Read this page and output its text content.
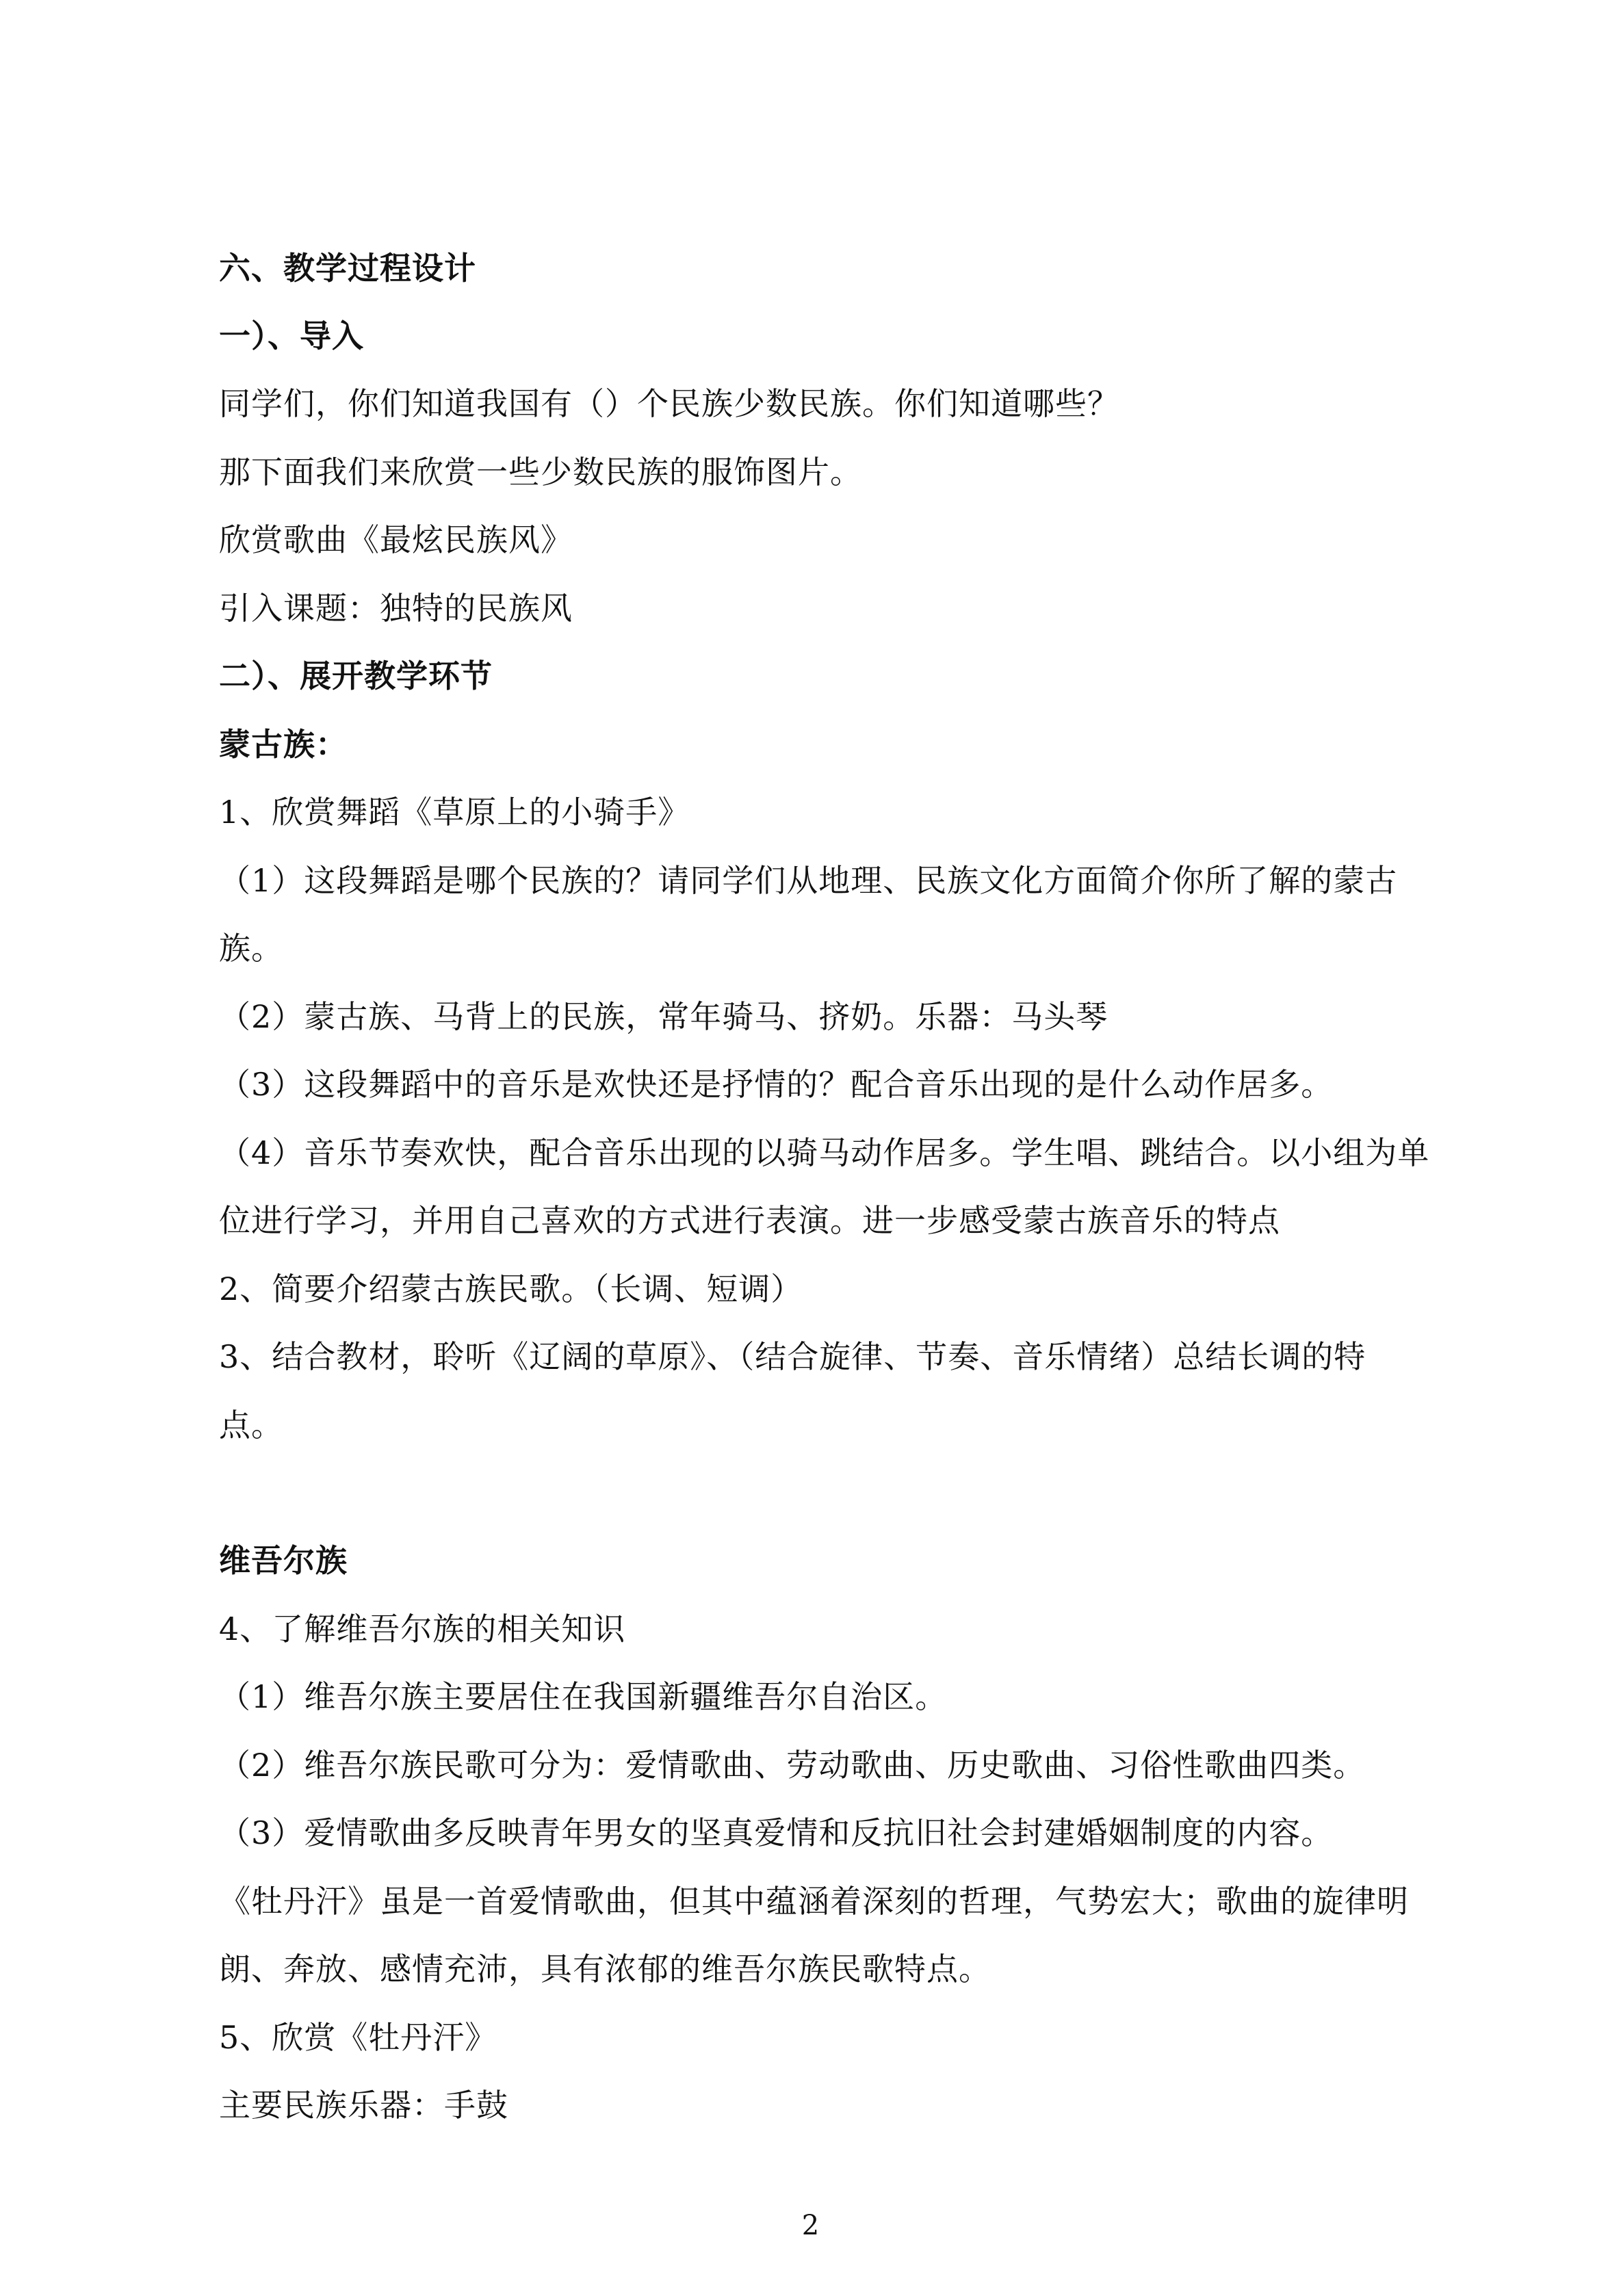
六、教学过程设计
一）、导入
同学们，你们知道我国有（）个民族少数民族。你们知道哪些？
那下面我们来欣赏一些少数民族的服饰图片。
欣赏歌曲《最炫民族风》
引入课题：独特的民族风
二）、展开教学环节
蒙古族：
1、欣赏舞蹈《草原上的小骑手》
（1）这段舞蹈是哪个民族的？请同学们从地理、民族文化方面简介你所了解的蒙古
族。
（2）蒙古族、马背上的民族，常年骑马、挤奶。乐器：马头琴
（3）这段舞蹈中的音乐是欢快还是抒情的？配合音乐出现的是什么动作居多。
（4）音乐节奏欢快，配合音乐出现的以骑马动作居多。学生唱、跳结合。以小组为单
位进行学习，并用自己喜欢的方式进行表演。进一步感受蒙古族音乐的特点
2、简要介绍蒙古族民歌。（长调、短调）
3、结合教材，聆听《辽阔的草原》、（结合旋律、节奏、音乐情绪）总结长调的特
点。
维吾尔族
4、了解维吾尔族的相关知识
（1）维吾尔族主要居住在我国新疆维吾尔自治区。
（2）维吾尔族民歌可分为：爱情歌曲、劳动歌曲、历史歌曲、习俗性歌曲四类。
（3）爱情歌曲多反映青年男女的坚真爱情和反抗旧社会封建婚姻制度的内容。
《牡丹汗》虽是一首爱情歌曲，但其中蕴涵着深刻的哲理，气势宏大；歌曲的旋律明
朗、奔放、感情充沛，具有浓郁的维吾尔族民歌特点。
5、欣赏《牡丹汗》
主要民族乐器：手鼓
2
